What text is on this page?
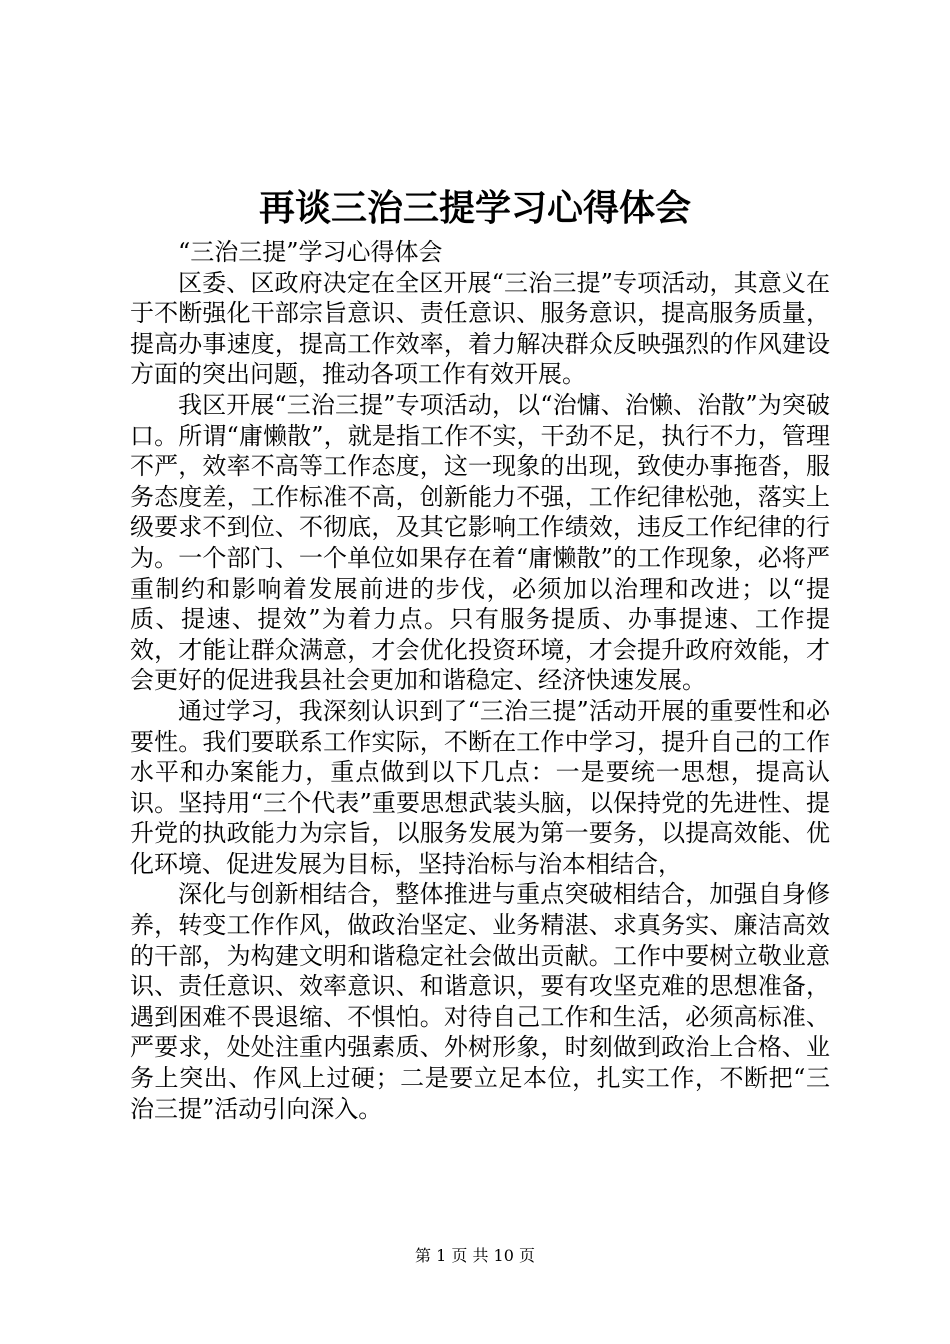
再谈三治三提学习心得体会

“三治三提”学习心得体会

区委、区政府决定在全区开展“三治三提”专项活动，其意义在于不断强化干部宗旨意识、责任意识、服务意识，提高服务质量，提高办事速度，提高工作效率，着力解决群众反映强烈的作风建设方面的突出问题，推动各项工作有效开展。

我区开展“三治三提”专项活动，以“治慵、治懒、治散”为突破口。所谓“庸懒散”，就是指工作不实，干劲不足，执行不力，管理不严，效率不高等工作态度，这一现象的出现，致使办事拖沓，服务态度差，工作标准不高，创新能力不强，工作纪律松弛，落实上级要求不到位、不彻底，及其它影响工作绩效，违反工作纪律的行为。一个部门、一个单位如果存在着“庸懒散”的工作现象，必将严重制约和影响着发展前进的步伐，必须加以治理和改进；以“提质、提速、提效”为着力点。只有服务提质、办事提速、工作提效，才能让群众满意，才会优化投资环境，才会提升政府效能，才会更好的促进我县社会更加和谐稳定、经济快速发展。

通过学习，我深刻认识到了“三治三提”活动开展的重要性和必要性。我们要联系工作实际，不断在工作中学习，提升自己的工作水平和办案能力，重点做到以下几点：一是要统一思想，提高认识。坚持用“三个代表”重要思想武装头脑，以保持党的先进性、提升党的执政能力为宗旨，以服务发展为第一要务，以提高效能、优化环境、促进发展为目标，坚持治标与治本相结合，

深化与创新相结合，整体推进与重点突破相结合，加强自身修养，转变工作作风，做政治坚定、业务精湛、求真务实、廉洁高效的干部，为构建文明和谐稳定社会做出贡献。工作中要树立敬业意识、责任意识、效率意识、和谐意识，要有攻坚克难的思想准备，遇到困难不畏退缩、不惧怕。对待自己工作和生活，必须高标准、严要求，处处注重内强素质、外树形象，时刻做到政治上合格、业务上突出、作风上过硬；二是要立足本位，扎实工作，不断把“三治三提”活动引向深入。

第 1 页 共 10 页
